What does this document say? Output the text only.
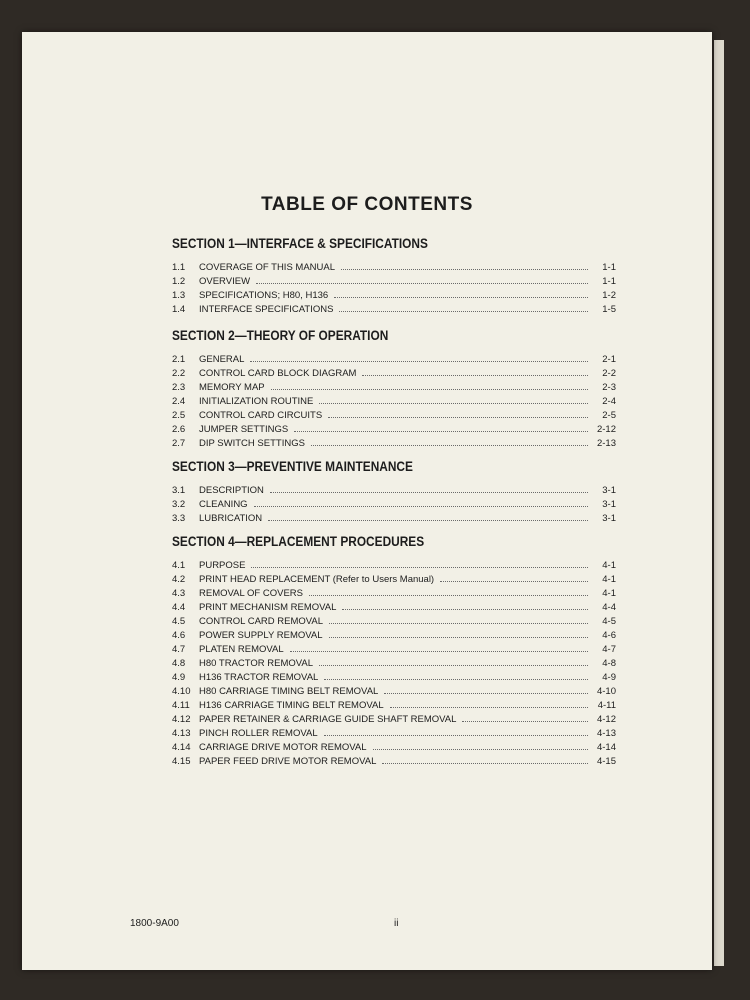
TABLE OF CONTENTS
SECTION 1—INTERFACE & SPECIFICATIONS
1.1	COVERAGE OF THIS MANUAL	1-1
1.2	OVERVIEW	1-1
1.3	SPECIFICATIONS; H80, H136	1-2
1.4	INTERFACE SPECIFICATIONS	1-5
SECTION 2—THEORY OF OPERATION
2.1	GENERAL	2-1
2.2	CONTROL CARD BLOCK DIAGRAM	2-2
2.3	MEMORY MAP	2-3
2.4	INITIALIZATION ROUTINE	2-4
2.5	CONTROL CARD CIRCUITS	2-5
2.6	JUMPER SETTINGS	2-12
2.7	DIP SWITCH SETTINGS	2-13
SECTION 3—PREVENTIVE MAINTENANCE
3.1	DESCRIPTION	3-1
3.2	CLEANING	3-1
3.3	LUBRICATION	3-1
SECTION 4—REPLACEMENT PROCEDURES
4.1	PURPOSE	4-1
4.2	PRINT HEAD REPLACEMENT (Refer to Users Manual)	4-1
4.3	REMOVAL OF COVERS	4-1
4.4	PRINT MECHANISM REMOVAL	4-4
4.5	CONTROL CARD REMOVAL	4-5
4.6	POWER SUPPLY REMOVAL	4-6
4.7	PLATEN REMOVAL	4-7
4.8	H80 TRACTOR REMOVAL	4-8
4.9	H136 TRACTOR REMOVAL	4-9
4.10 H80 CARRIAGE TIMING BELT REMOVAL	4-10
4.11 H136 CARRIAGE TIMING BELT REMOVAL	4-11
4.12 PAPER RETAINER & CARRIAGE GUIDE SHAFT REMOVAL	4-12
4.13 PINCH ROLLER REMOVAL	4-13
4.14 CARRIAGE DRIVE MOTOR REMOVAL	4-14
4.15 PAPER FEED DRIVE MOTOR REMOVAL	4-15
1800-9A00	ii
